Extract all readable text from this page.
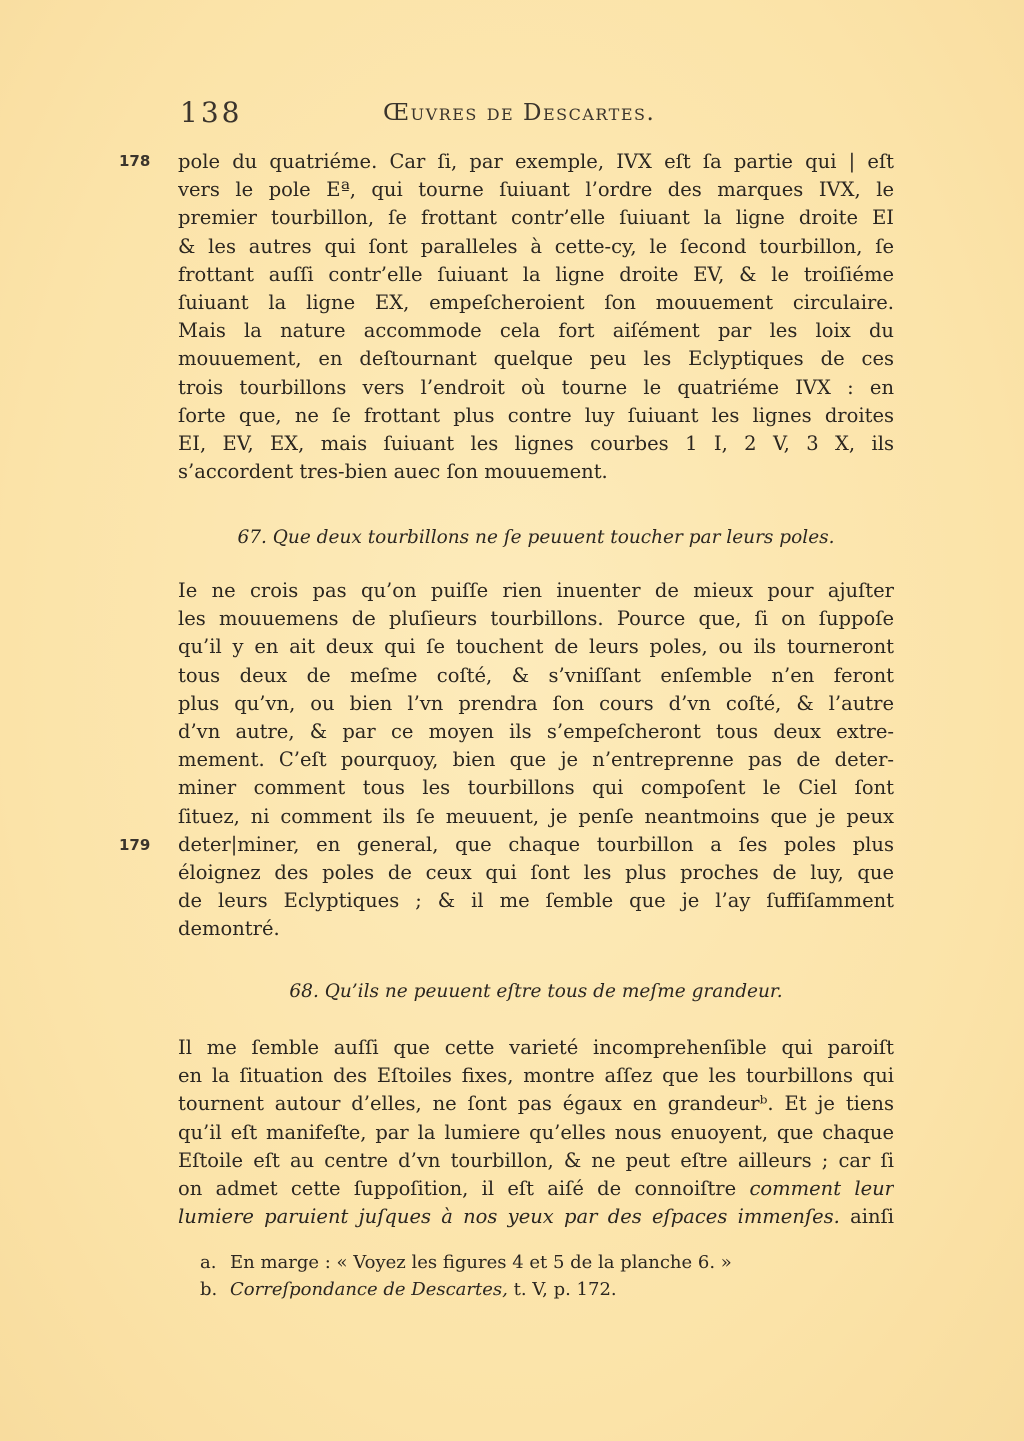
138	Œuvres de Descartes.
178
179
pole du quatriéme. Car ſi, par exemple, IVX eſt ſa partie qui | eſt
vers le pole Eª, qui tourne ſuiuant l’ordre des marques IVX, le
premier tourbillon, ſe frottant contr’elle ſuiuant la ligne droite EI
& les autres qui ſont paralleles à cette-cy, le ſecond tourbillon, ſe
frottant auſſi contr’elle ſuiuant la ligne droite EV, & le troiſiéme
ſuiuant la ligne EX, empeſcheroient ſon mouuement circulaire.
Mais la nature accommode cela fort aiſément par les loix du
mouuement, en deſtournant quelque peu les Eclyptiques de ces
trois tourbillons vers l’endroit où tourne le quatriéme IVX : en
ſorte que, ne ſe frottant plus contre luy ſuiuant les lignes droites
EI, EV, EX, mais ſuiuant les lignes courbes 1 I, 2 V, 3 X, ils
s’accordent tres-bien auec ſon mouuement.
67. Que deux tourbillons ne ſe peuuent toucher par leurs poles.
Ie ne crois pas qu’on puiſſe rien inuenter de mieux pour ajuſter
les mouuemens de pluſieurs tourbillons. Pource que, ſi on ſuppoſe
qu’il y en ait deux qui ſe touchent de leurs poles, ou ils tourneront
tous deux de meſme coſté, & s’vniſſant enſemble n’en feront
plus qu’vn, ou bien l’vn prendra ſon cours d’vn coſté, & l’autre
d’vn autre, & par ce moyen ils s’empeſcheront tous deux extre-
mement. C’eſt pourquoy, bien que je n’entreprenne pas de deter-
miner comment tous les tourbillons qui compoſent le Ciel ſont
ſituez, ni comment ils ſe meuuent, je penſe neantmoins que je peux
deter|miner, en general, que chaque tourbillon a ſes poles plus
éloignez des poles de ceux qui ſont les plus proches de luy, que
de leurs Eclyptiques ; & il me ſemble que je l’ay ſuffiſamment
demontré.
68. Qu’ils ne peuuent eſtre tous de meſme grandeur.
Il me ſemble auſſi que cette varieté incomprehenſible qui paroiſt
en la ſituation des Eſtoiles fixes, montre aſſez que les tourbillons qui
tournent autour d’elles, ne ſont pas égaux en grandeurᵇ. Et je tiens
qu’il eſt manifeſte, par la lumiere qu’elles nous enuoyent, que chaque
Eſtoile eſt au centre d’vn tourbillon, & ne peut eſtre ailleurs ; car ſi
on admet cette ſuppoſition, il eſt aiſé de connoiſtre comment leur
lumiere paruient juſques à nos yeux par des eſpaces immenſes. ainſi
a. En marge : « Voyez les figures 4 et 5 de la planche 6. »
b. Correſpondance de Descartes, t. V, p. 172.
